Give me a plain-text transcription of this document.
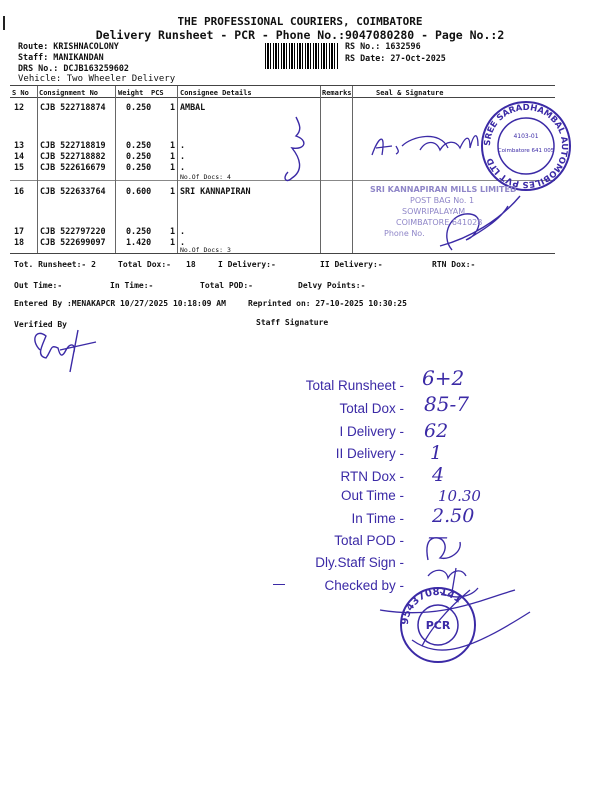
THE PROFESSIONAL COURIERS, COIMBATORE
Delivery Runsheet - PCR - Phone No.:9047080280 - Page No.:2
Route: KRISHNACOLONY
Staff: MANIKANDAN
DRS No.: DCJB163259602
Vehicle: Two Wheeler Delivery
RS No.: 1632596
RS Date: 27-Oct-2025
S No Consignment No	Weight PCS Consignee Details	Remarks	Seal & Signature
12 CJB 522718874 0.250 1 AMBAL
13 CJB 522718819 0.250 1 .
14 CJB 522718882 0.250 1 .
15 CJB 522616679 0.250 1 .
No.Of Docs: 4
16 CJB 522633764 0.600 1 SRI KANNAPIRAN
17 CJB 522797220 0.250 1 .
18 CJB 522699097 1.420 1 .
No.Of Docs: 3
SREE SARADHAMBAL AUTOMOBILES PVT LTD
4103-01
Coimbatore 641 005
SRI KANNAPIRAN MILLS LIMITED
POST BAG No. 1
SOWRIPALAYAM
COIMBATORE 641028
Phone No.
Tot. Runsheet:- 2	Total Dox:- 18	I Delivery:-	II Delivery:-	RTN Dox:-
Out Time:-	In Time:-	Total POD:-	Delvy Points:-
Entered By :MENAKAPCR 10/27/2025 10:18:09 AM	Reprinted on: 27-10-2025 10:30:25
Verified By	Staff Signature
Total Runsheet - 6+2
Total Dox - 85-7
I Delivery - 62
II Delivery - 1
RTN Dox - 4
Out Time - 10.30
In Time - 2.50
Total POD - —
Dly.Staff Sign -
Checked by -
9543708141
PCR
